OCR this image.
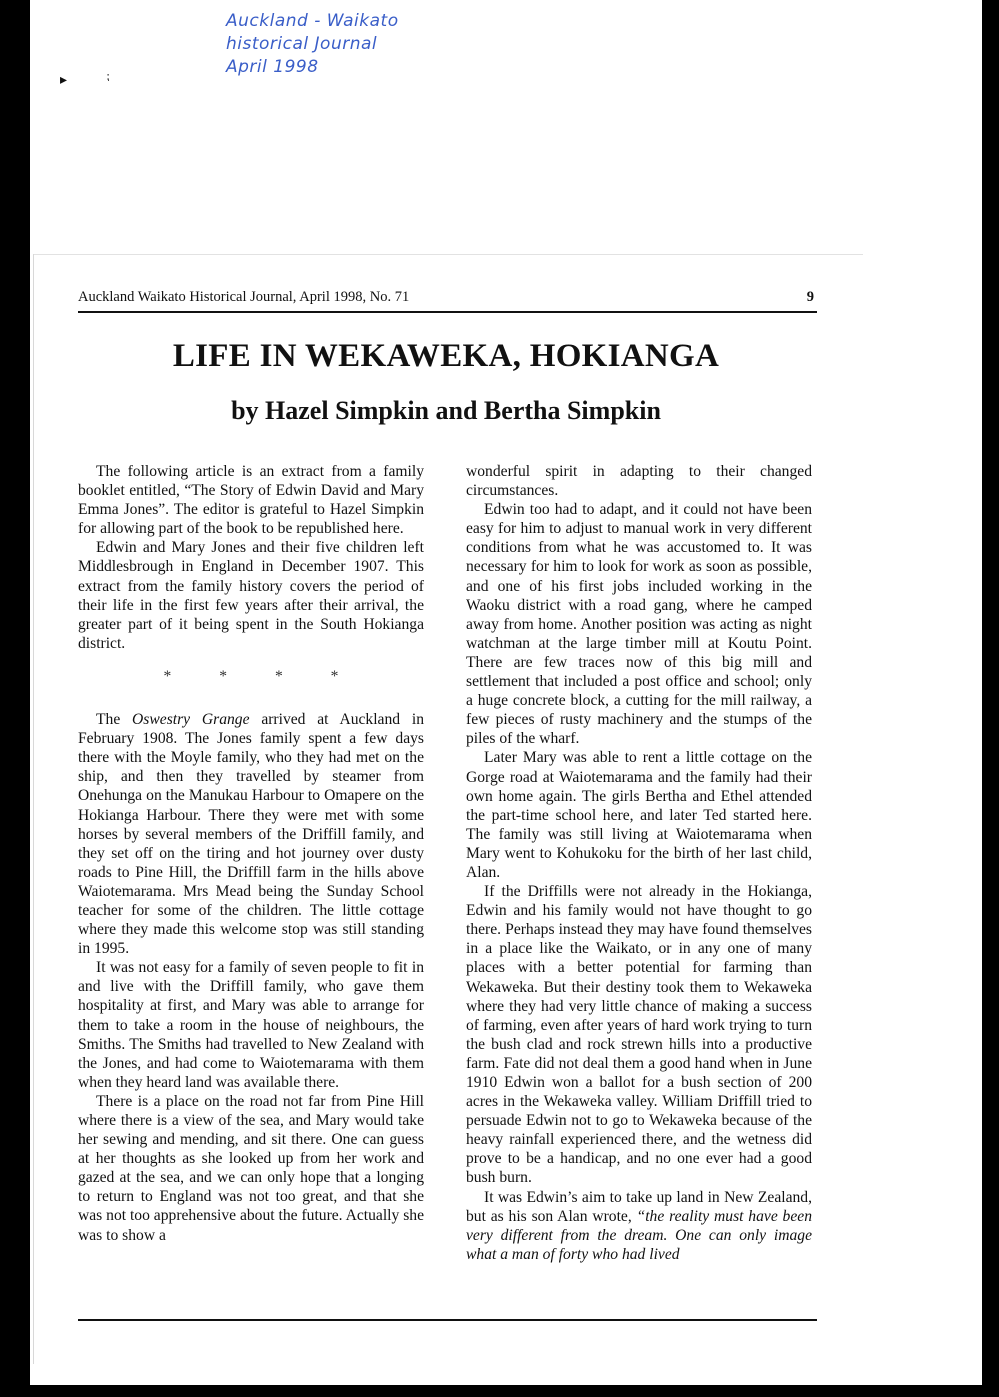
Auckland - Waikato
historical Journal
April 1998
▸	⁏
Auckland Waikato Historical Journal, April 1998, No. 71	9
LIFE IN WEKAWEKA, HOKIANGA
by Hazel Simpkin and Bertha Simpkin

The following article is an extract from a family booklet entitled, “The Story of Edwin David and Mary Emma Jones”. The editor is grateful to Hazel Simpkin for allowing part of the book to be republished here.

Edwin and Mary Jones and their five children left Middlesbrough in England in December 1907. This extract from the family history covers the period of their life in the first few years after their arrival, the greater part of it being spent in the South Hokianga district.

* * * *

The Oswestry Grange arrived at Auckland in February 1908. The Jones family spent a few days there with the Moyle family, who they had met on the ship, and then they travelled by steamer from Onehunga on the Manukau Harbour to Omapere on the Hokianga Harbour. There they were met with some horses by several members of the Driffill family, and they set off on the tiring and hot journey over dusty roads to Pine Hill, the Driffill farm in the hills above Waiotemarama. Mrs Mead being the Sunday School teacher for some of the children. The little cottage where they made this welcome stop was still standing in 1995.

It was not easy for a family of seven people to fit in and live with the Driffill family, who gave them hospitality at first, and Mary was able to arrange for them to take a room in the house of neighbours, the Smiths. The Smiths had travelled to New Zealand with the Jones, and had come to Waiotemarama with them when they heard land was available there.

There is a place on the road not far from Pine Hill where there is a view of the sea, and Mary would take her sewing and mending, and sit there. One can guess at her thoughts as she looked up from her work and gazed at the sea, and we can only hope that a longing to return to England was not too great, and that she was not too apprehensive about the future. Actually she was to show a

wonderful spirit in adapting to their changed circumstances.

Edwin too had to adapt, and it could not have been easy for him to adjust to manual work in very different conditions from what he was accustomed to. It was necessary for him to look for work as soon as possible, and one of his first jobs included working in the Waoku district with a road gang, where he camped away from home. Another position was acting as night watchman at the large timber mill at Koutu Point. There are few traces now of this big mill and settlement that included a post office and school; only a huge concrete block, a cutting for the mill railway, a few pieces of rusty machinery and the stumps of the piles of the wharf.

Later Mary was able to rent a little cottage on the Gorge road at Waiotemarama and the family had their own home again. The girls Bertha and Ethel attended the part-time school here, and later Ted started here. The family was still living at Waiotemarama when Mary went to Kohukoku for the birth of her last child, Alan.

If the Driffills were not already in the Hokianga, Edwin and his family would not have thought to go there. Perhaps instead they may have found themselves in a place like the Waikato, or in any one of many places with a better potential for farming than Wekaweka. But their destiny took them to Wekaweka where they had very little chance of making a success of farming, even after years of hard work trying to turn the bush clad and rock strewn hills into a productive farm. Fate did not deal them a good hand when in June 1910 Edwin won a ballot for a bush section of 200 acres in the Wekaweka valley. William Driffill tried to persuade Edwin not to go to Wekaweka because of the heavy rainfall experienced there, and the wetness did prove to be a handicap, and no one ever had a good bush burn.

It was Edwin’s aim to take up land in New Zealand, but as his son Alan wrote, “the reality must have been very different from the dream. One can only image what a man of forty who had lived
